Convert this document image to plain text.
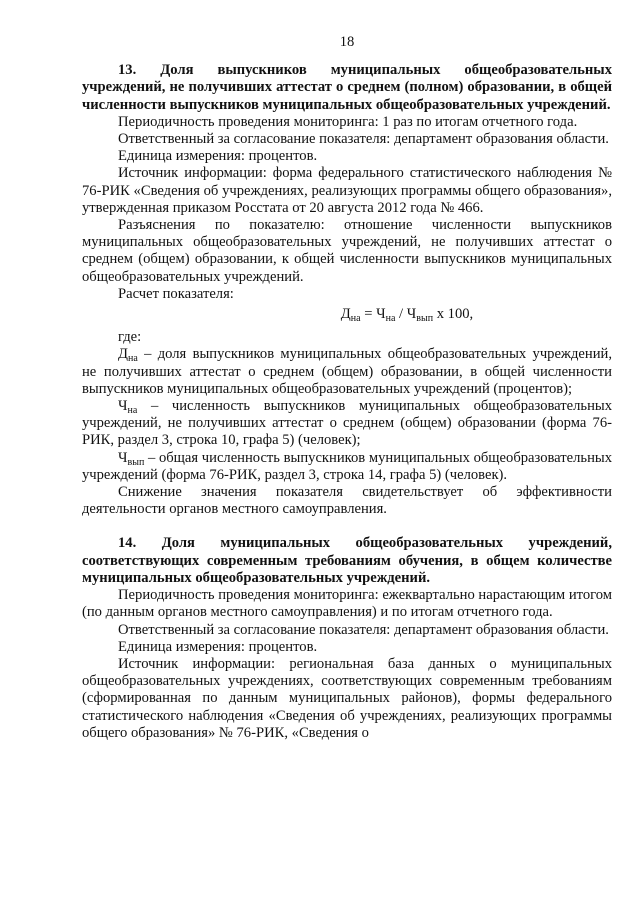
18

13. Доля выпускников муниципальных общеобразовательных учреждений, не получивших аттестат о среднем (полном) образовании, в общей численности выпускников муниципальных общеобразовательных учреждений.

Периодичность проведения мониторинга: 1 раз по итогам отчетного года.

Ответственный за согласование показателя: департамент образования области.

Единица измерения: процентов.

Источник информации: форма федерального статистического наблюдения № 76-РИК «Сведения об учреждениях, реализующих программы общего образования», утвержденная приказом Росстата от 20 августа 2012 года № 466.

Разъяснения по показателю: отношение численности выпускников муниципальных общеобразовательных учреждений, не получивших аттестат о среднем (общем) образовании, к общей численности выпускников муниципальных общеобразовательных учреждений.

Расчет показателя:

$Д_{на} = Ч_{на} / Ч_{вып}$ х 100,

где:

$Д_{на}$ – доля выпускников муниципальных общеобразовательных учреждений, не получивших аттестат о среднем (общем) образовании, в общей численности выпускников муниципальных общеобразовательных учреждений (процентов);

$Ч_{на}$ – численность выпускников муниципальных общеобразовательных учреждений, не получивших аттестат о среднем (общем) образовании (форма 76-РИК, раздел 3, строка 10, графа 5) (человек);

$Ч_{вып}$ – общая численность выпускников муниципальных общеобразовательных учреждений (форма 76-РИК, раздел 3, строка 14, графа 5) (человек).

Снижение значения показателя свидетельствует об эффективности деятельности органов местного самоуправления.

14. Доля муниципальных общеобразовательных учреждений, соответствующих современным требованиям обучения, в общем количестве муниципальных общеобразовательных учреждений.

Периодичность проведения мониторинга: ежеквартально нарастающим итогом (по данным органов местного самоуправления) и по итогам отчетного года.

Ответственный за согласование показателя: департамент образования области.

Единица измерения: процентов.

Источник информации: региональная база данных о муниципальных общеобразовательных учреждениях, соответствующих современным требованиям (сформированная по данным муниципальных районов), формы федерального статистического наблюдения «Сведения об учреждениях, реализующих программы общего образования» № 76-РИК, «Сведения о
